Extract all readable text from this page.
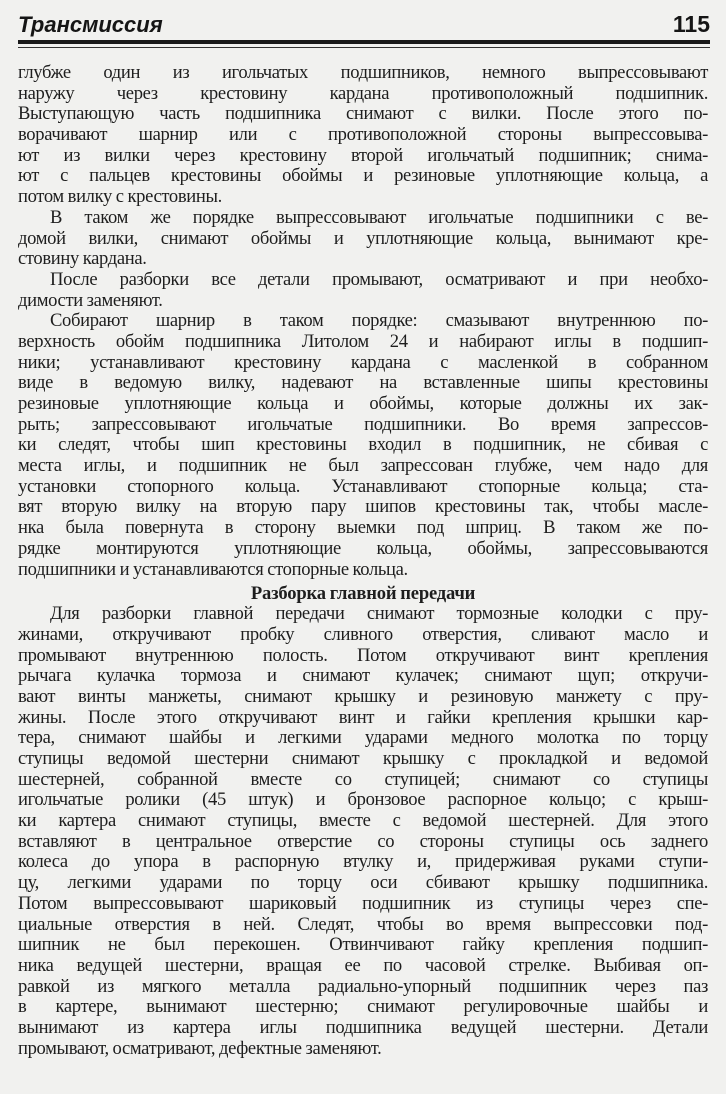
Трансмиссия	115
глубже один из игольчатых подшипников, немного выпрессовывают
наружу через крестовину кардана противоположный подшипник.
Выступающую часть подшипника снимают с вилки. После этого по-
ворачивают шарнир или с противоположной стороны выпрессовыва-
ют из вилки через крестовину второй игольчатый подшипник; снима-
ют с пальцев крестовины обоймы и резиновые уплотняющие кольца, а
потом вилку с крестовины.
В таком же порядке выпрессовывают игольчатые подшипники с ве-
домой вилки, снимают обоймы и уплотняющие кольца, вынимают кре-
стовину кардана.
После разборки все детали промывают, осматривают и при необхо-
димости заменяют.
Собирают шарнир в таком порядке: смазывают внутреннюю по-
верхность обойм подшипника Литолом 24 и набирают иглы в подшип-
ники; устанавливают крестовину кардана с масленкой в собранном
виде в ведомую вилку, надевают на вставленные шипы крестовины
резиновые уплотняющие кольца и обоймы, которые должны их зак-
рыть; запрессовывают игольчатые подшипники. Во время запрессов-
ки следят, чтобы шип крестовины входил в подшипник, не сбивая с
места иглы, и подшипник не был запрессован глубже, чем надо для
установки стопорного кольца. Устанавливают стопорные кольца; ста-
вят вторую вилку на вторую пару шипов крестовины так, чтобы масле-
нка была повернута в сторону выемки под шприц. В таком же по-
рядке монтируются уплотняющие кольца, обоймы, запрессовываются
подшипники и устанавливаются стопорные кольца.
Разборка главной передачи
Для разборки главной передачи снимают тормозные колодки с пру-
жинами, откручивают пробку сливного отверстия, сливают масло и
промывают внутреннюю полость. Потом откручивают винт крепления
рычага кулачка тормоза и снимают кулачек; снимают щуп; откручи-
вают винты манжеты, снимают крышку и резиновую манжету с пру-
жины. После этого откручивают винт и гайки крепления крышки кар-
тера, снимают шайбы и легкими ударами медного молотка по торцу
ступицы ведомой шестерни снимают крышку с прокладкой и ведомой
шестерней, собранной вместе со ступицей; снимают со ступицы
игольчатые ролики (45 штук) и бронзовое распорное кольцо; с крыш-
ки картера снимают ступицы, вместе с ведомой шестерней. Для этого
вставляют в центральное отверстие со стороны ступицы ось заднего
колеса до упора в распорную втулку и, придерживая руками ступи-
цу, легкими ударами по торцу оси сбивают крышку подшипника.
Потом выпрессовывают шариковый подшипник из ступицы через спе-
циальные отверстия в ней. Следят, чтобы во время выпрессовки под-
шипник не был перекошен. Отвинчивают гайку крепления подшип-
ника ведущей шестерни, вращая ее по часовой стрелке. Выбивая оп-
равкой из мягкого металла радиально-упорный подшипник через паз
в картере, вынимают шестерню; снимают регулировочные шайбы и
вынимают из картера иглы подшипника ведущей шестерни. Детали
промывают, осматривают, дефектные заменяют.
